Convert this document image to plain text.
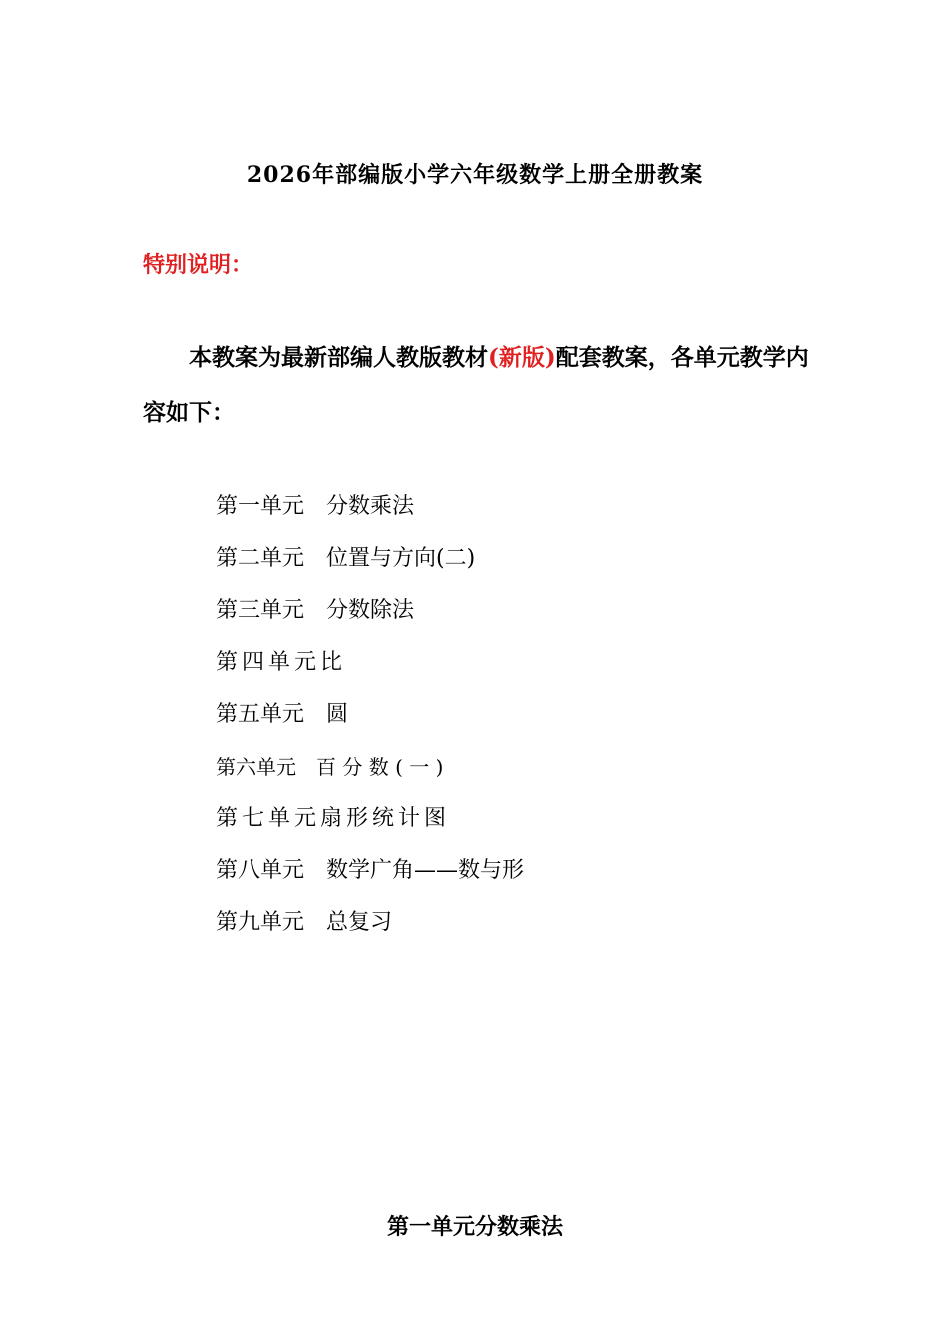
2026年部编版小学六年级数学上册全册教案
特别说明：
本教案为最新部编人教版教材(新版)配套教案，各单元教学内容如下：
第一单元　分数乘法
第二单元　位置与方向(二)
第三单元　分数除法
第四单元比
第五单元　圆
第六单元　百 分 数 ( 一 )
第七单元扇形统计图
第八单元　数学广角——数与形
第九单元　总复习
第一单元分数乘法
